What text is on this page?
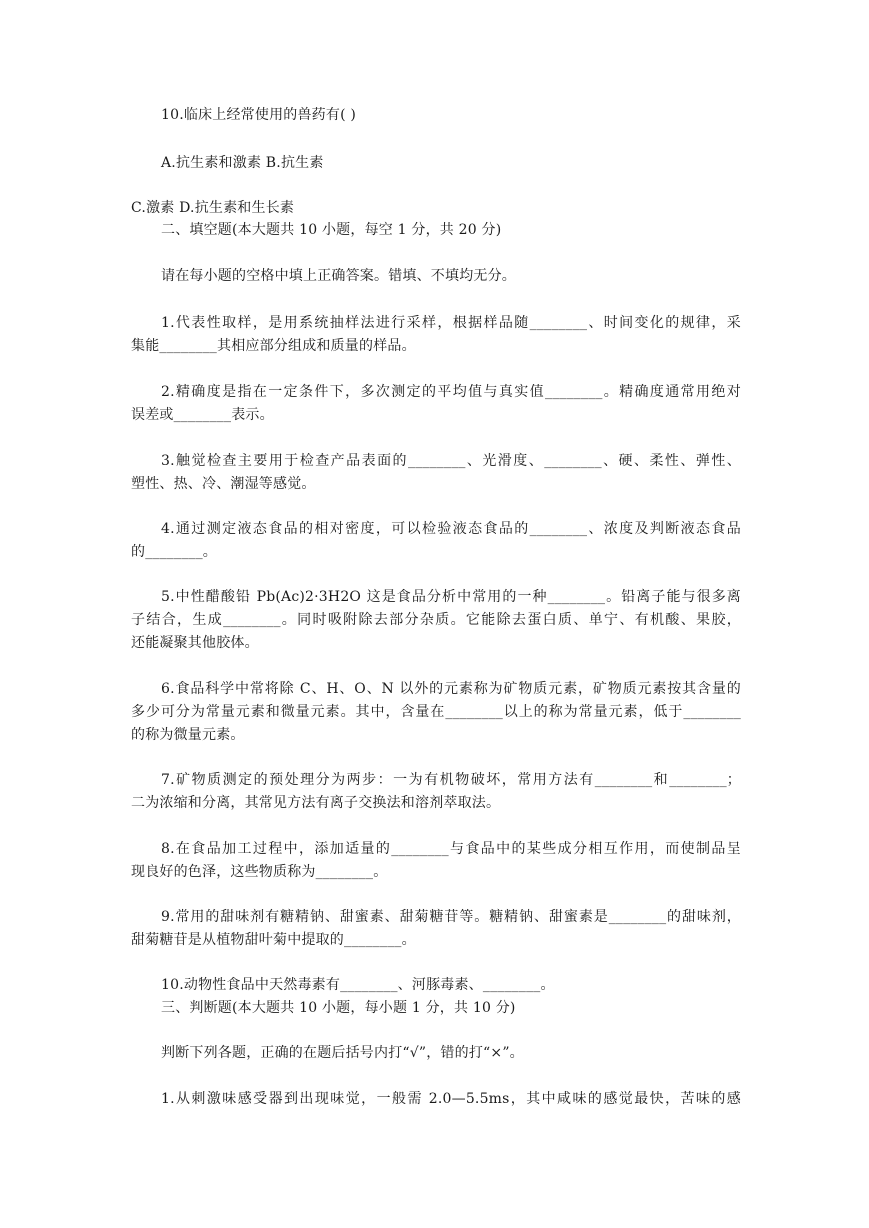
10.临床上经常使用的兽药有( )
A.抗生素和激素 B.抗生素
C.激素 D.抗生素和生长素
二、填空题(本大题共 10 小题，每空 1 分，共 20 分)
请在每小题的空格中填上正确答案。错填、不填均无分。
1.代表性取样，是用系统抽样法进行采样，根据样品随________、时间变化的规律，采
集能________其相应部分组成和质量的样品。
2.精确度是指在一定条件下，多次测定的平均值与真实值________。精确度通常用绝对
误差或________表示。
3.触觉检查主要用于检查产品表面的________、光滑度、________、硬、柔性、弹性、
塑性、热、冷、潮湿等感觉。
4.通过测定液态食品的相对密度，可以检验液态食品的________、浓度及判断液态食品
的________。
5.中性醋酸铅 Pb(Ac)2·3H2O 这是食品分析中常用的一种________。铅离子能与很多离
子结合，生成________。同时吸附除去部分杂质。它能除去蛋白质、单宁、有机酸、果胶，
还能凝聚其他胶体。
6.食品科学中常将除 C、H、O、N 以外的元素称为矿物质元素，矿物质元素按其含量的
多少可分为常量元素和微量元素。其中，含量在________以上的称为常量元素，低于________
的称为微量元素。
7.矿物质测定的预处理分为两步：一为有机物破坏，常用方法有________和________；
二为浓缩和分离，其常见方法有离子交换法和溶剂萃取法。
8.在食品加工过程中，添加适量的________与食品中的某些成分相互作用，而使制品呈
现良好的色泽，这些物质称为________。
9.常用的甜味剂有糖精钠、甜蜜素、甜菊糖苷等。糖精钠、甜蜜素是________的甜味剂，
甜菊糖苷是从植物甜叶菊中提取的________。
10.动物性食品中天然毒素有________、河豚毒素、________。
三、判断题(本大题共 10 小题，每小题 1 分，共 10 分)
判断下列各题，正确的在题后括号内打“√”，错的打“×”。
1.从刺激味感受器到出现味觉，一般需 2.0—5.5ms，其中咸味的感觉最快，苦味的感
